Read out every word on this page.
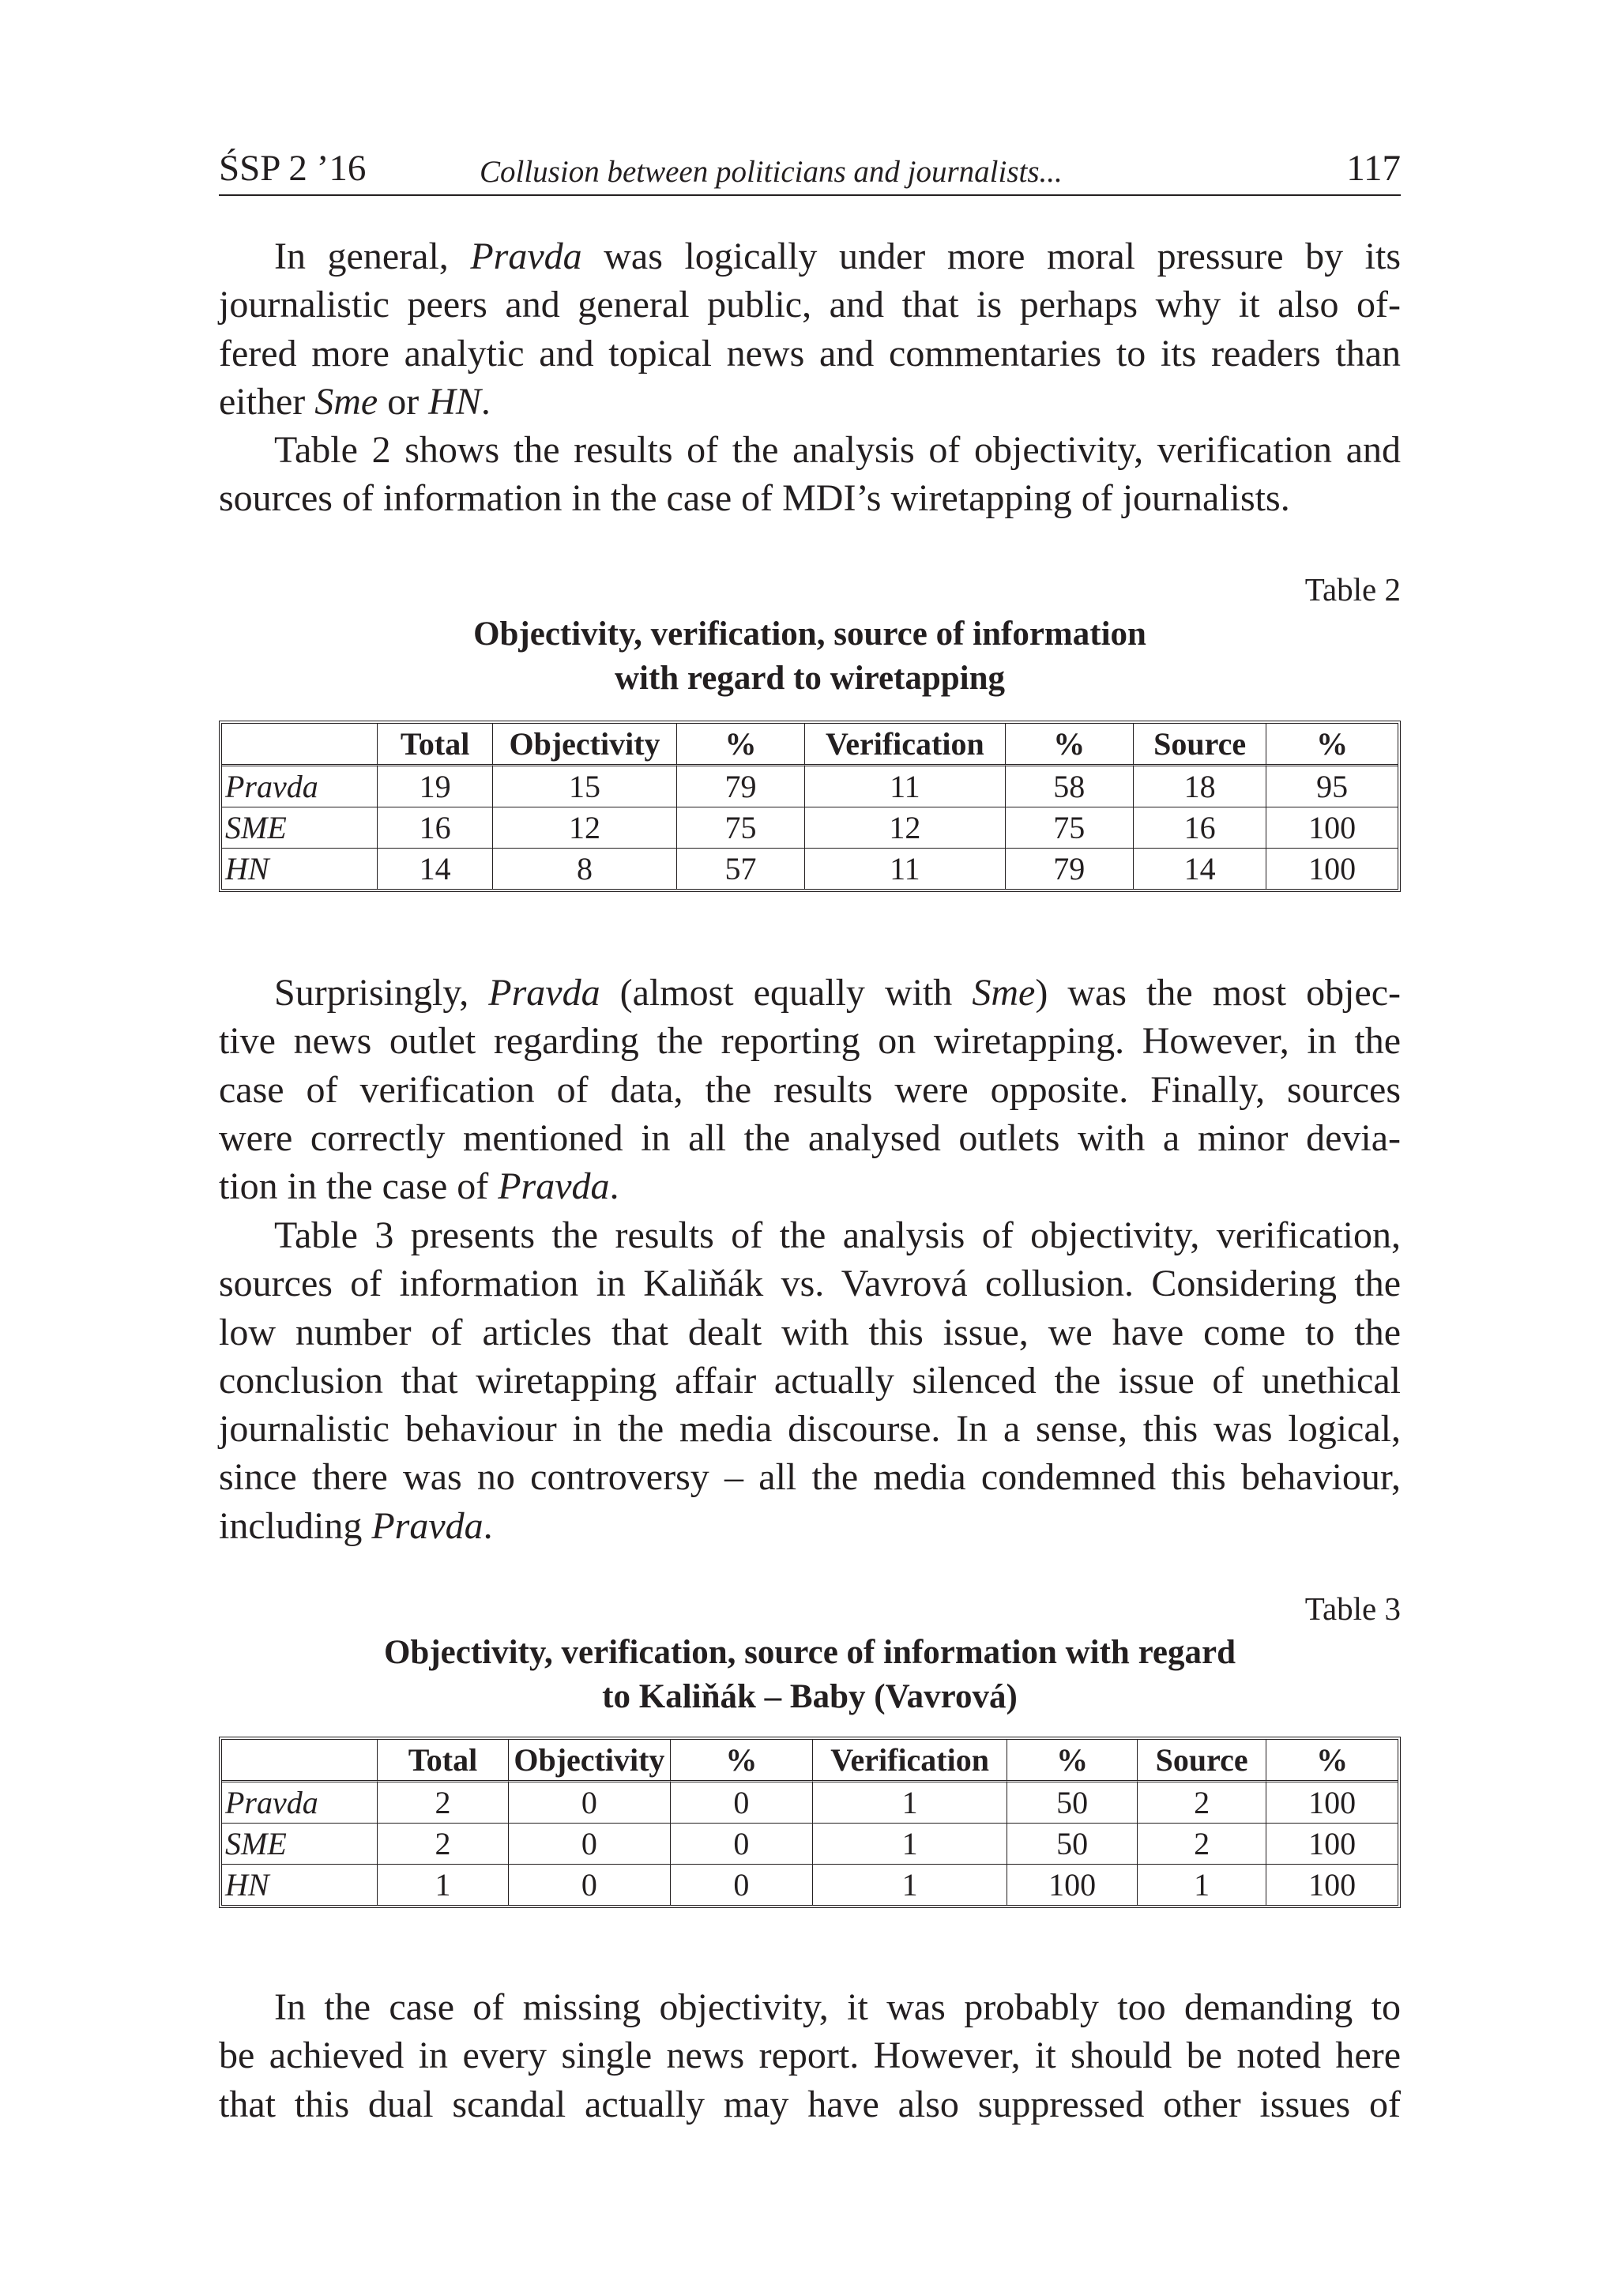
ŚSP 2 ’16	Collusion between politicians and journalists...	117
In general, Pravda was logically under more moral pressure by its
journalistic peers and general public, and that is perhaps why it also of-
fered more analytic and topical news and commentaries to its readers than
either Sme or HN.
Table 2 shows the results of the analysis of objectivity, verification and
sources of information in the case of MDI’s wiretapping of journalists.
Table 2
Objectivity, verification, source of information
with regard to wiretapping
	Total	Objectivity	%	Verification	%	Source	%
Pravda	19	15	79	11	58	18	95
SME	16	12	75	12	75	16	100
HN	14	8	57	11	79	14	100
Surprisingly, Pravda (almost equally with Sme) was the most objec-
tive news outlet regarding the reporting on wiretapping. However, in the
case of verification of data, the results were opposite. Finally, sources
were correctly mentioned in all the analysed outlets with a minor devia-
tion in the case of Pravda.
Table 3 presents the results of the analysis of objectivity, verification,
sources of information in Kaliňák vs. Vavrová collusion. Considering the
low number of articles that dealt with this issue, we have come to the
conclusion that wiretapping affair actually silenced the issue of unethical
journalistic behaviour in the media discourse. In a sense, this was logical,
since there was no controversy – all the media condemned this behaviour,
including Pravda.
Table 3
Objectivity, verification, source of information with regard
to Kaliňák – Baby (Vavrová)
	Total	Objectivity	%	Verification	%	Source	%
Pravda	2	0	0	1	50	2	100
SME	2	0	0	1	50	2	100
HN	1	0	0	1	100	1	100
In the case of missing objectivity, it was probably too demanding to
be achieved in every single news report. However, it should be noted here
that this dual scandal actually may have also suppressed other issues of
